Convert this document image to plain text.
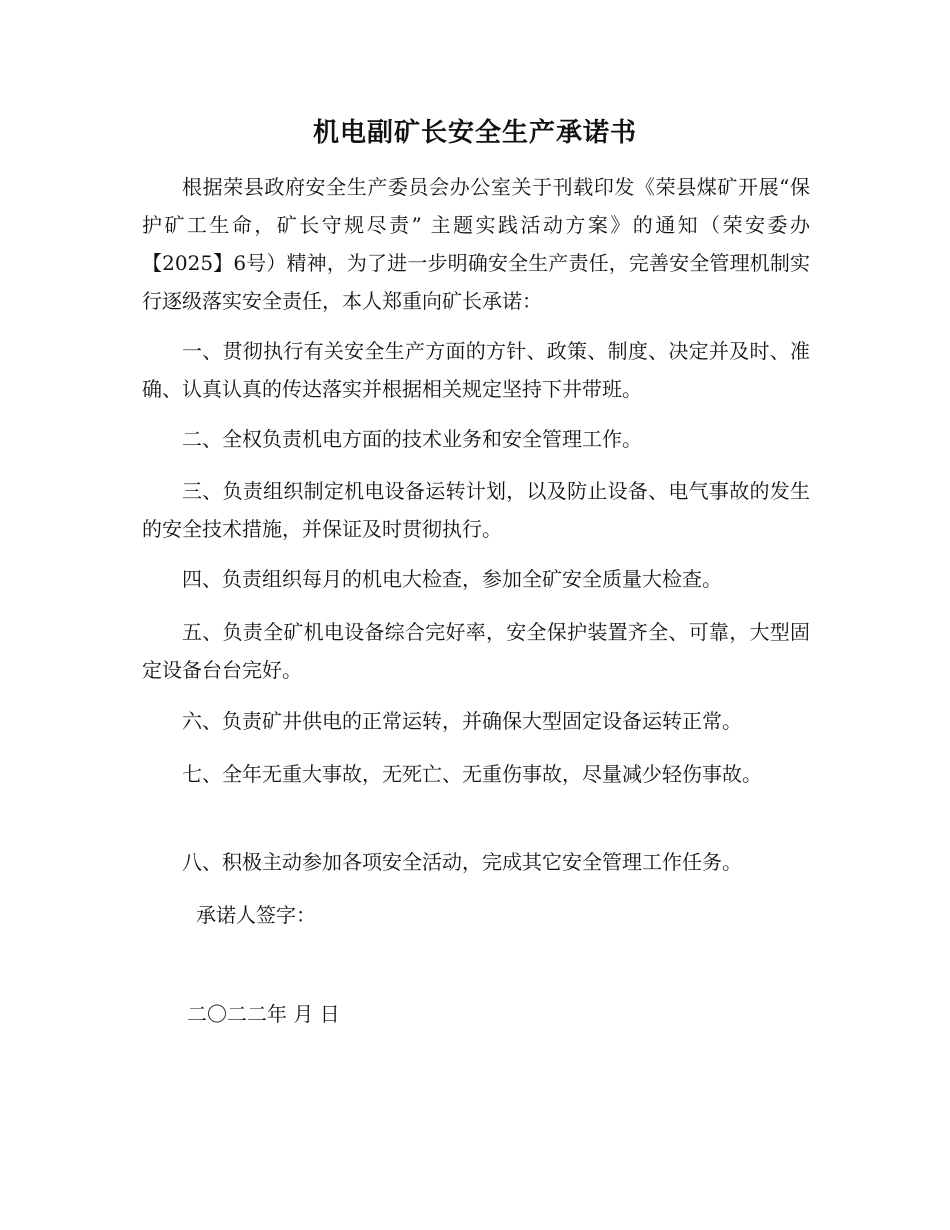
机电副矿长安全生产承诺书

根据荣县政府安全生产委员会办公室关于刊载印发《荣县煤矿开展“保护矿工生命，矿长守规尽责” 主题实践活动方案》的通知（荣安委办【2025】6号）精神，为了进一步明确安全生产责任，完善安全管理机制实行逐级落实安全责任，本人郑重向矿长承诺：

一、贯彻执行有关安全生产方面的方针、政策、制度、决定并及时、准确、认真认真的传达落实并根据相关规定坚持下井带班。

二、全权负责机电方面的技术业务和安全管理工作。

三、负责组织制定机电设备运转计划，以及防止设备、电气事故的发生的安全技术措施，并保证及时贯彻执行。

四、负责组织每月的机电大检查，参加全矿安全质量大检查。

五、负责全矿机电设备综合完好率，安全保护装置齐全、可靠，大型固定设备台台完好。

六、负责矿井供电的正常运转，并确保大型固定设备运转正常。

七、全年无重大事故，无死亡、无重伤事故，尽量减少轻伤事故。

八、积极主动参加各项安全活动，完成其它安全管理工作任务。

承诺人签字：

二〇二二年 月 日
